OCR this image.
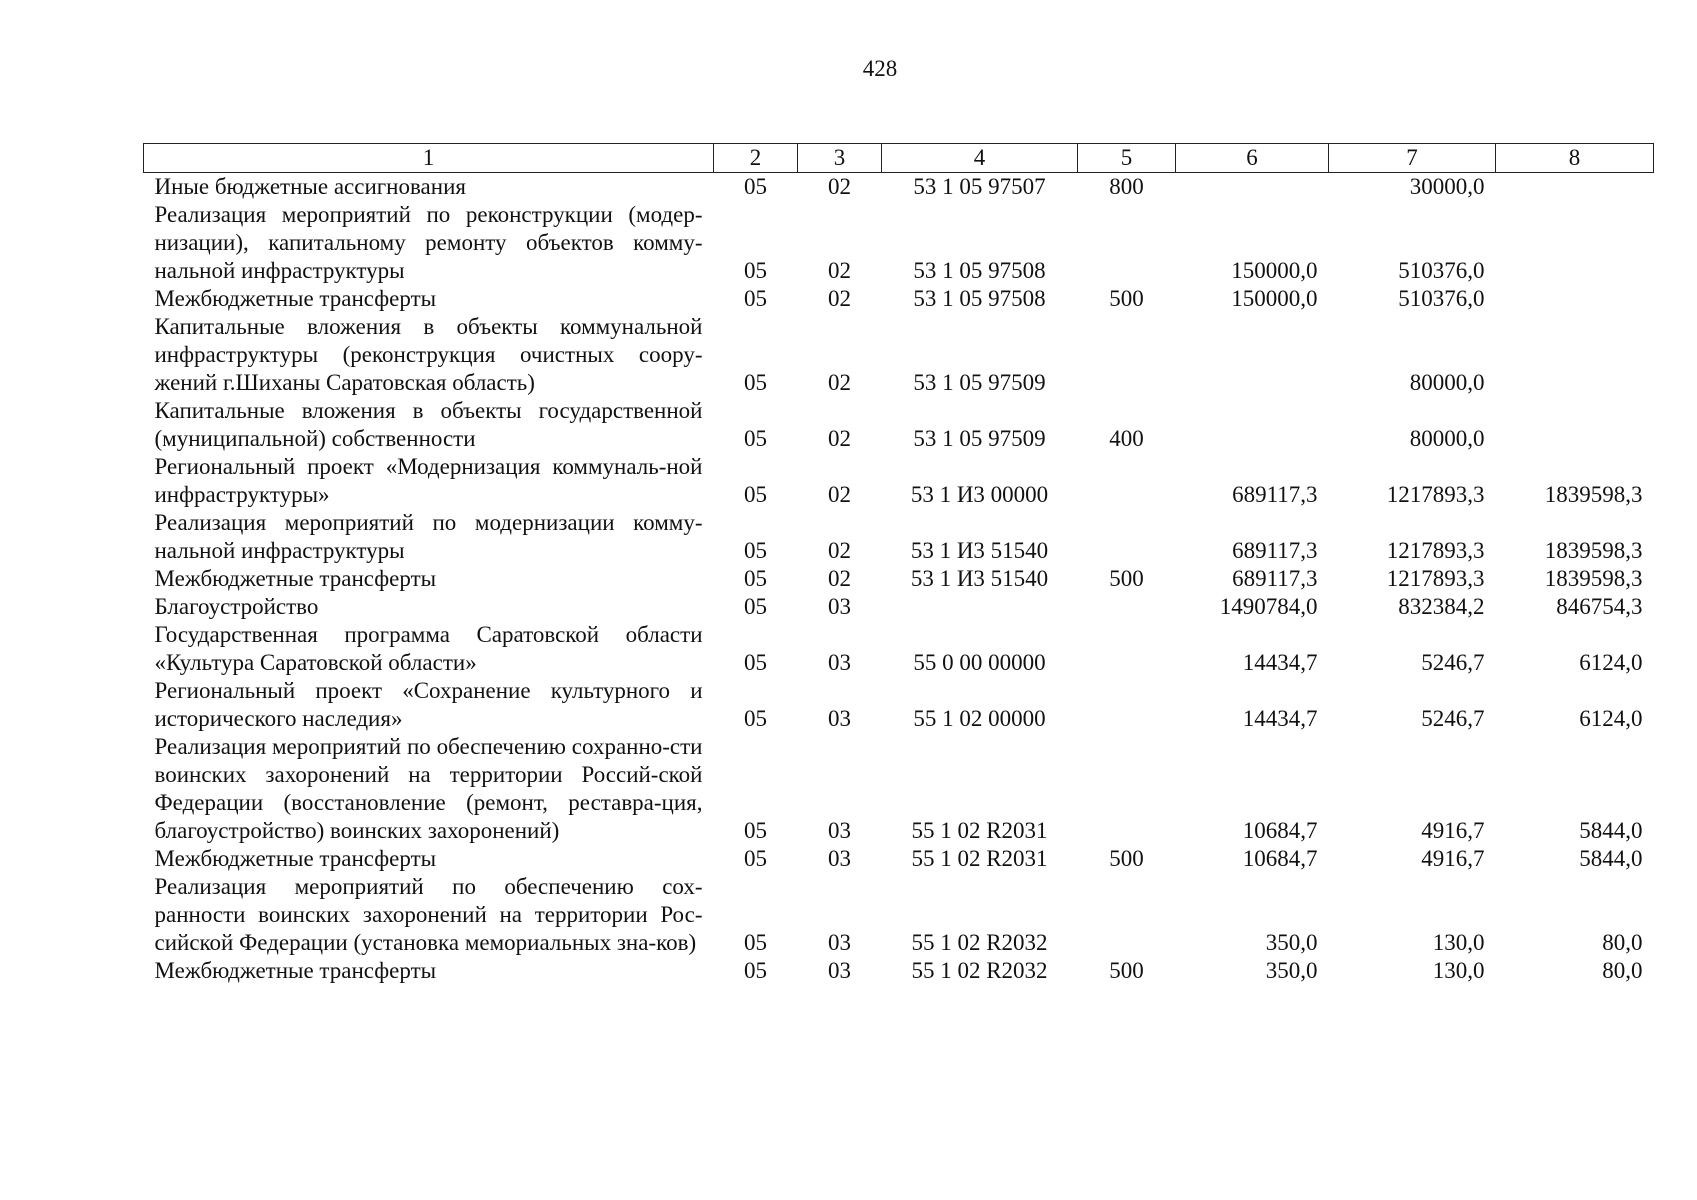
428
1	2	3	4	5	6	7	8
Иные бюджетные ассигнования	05	02	53 1 05 97507	800		30000,0	
Реализация мероприятий по реконструкции (модер-низации), капитальному ремонту объектов комму-нальной инфраструктуры	05	02	53 1 05 97508		150000,0	510376,0	
Межбюджетные трансферты	05	02	53 1 05 97508	500	150000,0	510376,0	
Капитальные вложения в объекты коммунальной инфраструктуры (реконструкция очистных соору-жений г.Шиханы Саратовская область)	05	02	53 1 05 97509			80000,0	
Капитальные вложения в объекты государственной (муниципальной) собственности	05	02	53 1 05 97509	400		80000,0	
Региональный проект «Модернизация коммуналь-ной инфраструктуры»	05	02	53 1 И3 00000		689117,3	1217893,3	1839598,3
Реализация мероприятий по модернизации комму-нальной инфраструктуры	05	02	53 1 И3 51540		689117,3	1217893,3	1839598,3
Межбюджетные трансферты	05	02	53 1 И3 51540	500	689117,3	1217893,3	1839598,3
Благоустройство	05	03			1490784,0	832384,2	846754,3
Государственная программа Саратовской области «Культура Саратовской области»	05	03	55 0 00 00000		14434,7	5246,7	6124,0
Региональный проект «Сохранение культурного и исторического наследия»	05	03	55 1 02 00000		14434,7	5246,7	6124,0
Реализация мероприятий по обеспечению сохранно-сти воинских захоронений на территории Россий-ской Федерации (восстановление (ремонт, реставра-ция, благоустройство) воинских захоронений)	05	03	55 1 02 R2031		10684,7	4916,7	5844,0
Межбюджетные трансферты	05	03	55 1 02 R2031	500	10684,7	4916,7	5844,0
Реализация мероприятий по обеспечению сох-ранности воинских захоронений на территории Рос-сийской Федерации (установка мемориальных зна-ков)	05	03	55 1 02 R2032		350,0	130,0	80,0
Межбюджетные трансферты	05	03	55 1 02 R2032	500	350,0	130,0	80,0
